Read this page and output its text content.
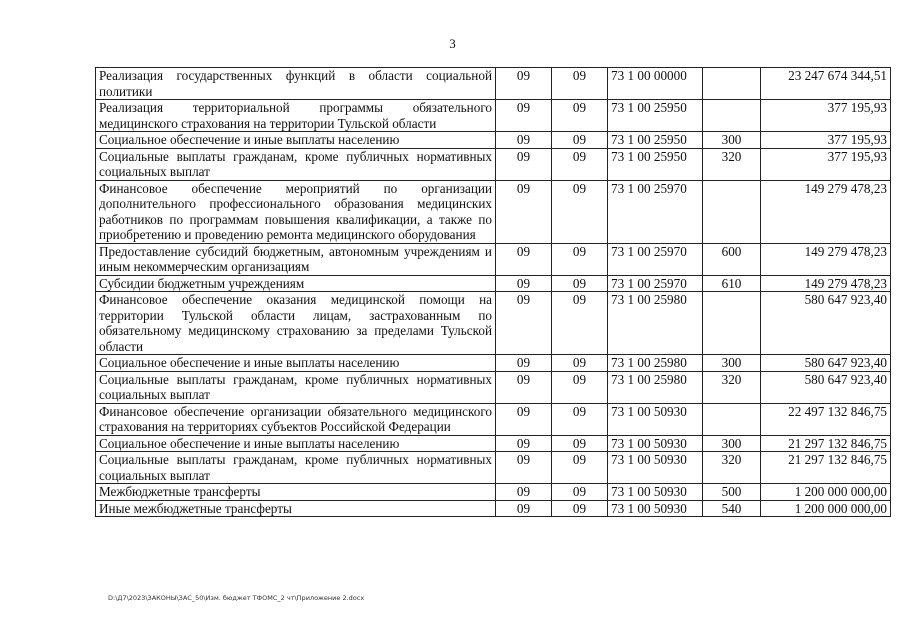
3
Реализация государственных функций в области социальной политики	09	09	73 1 00 00000		23 247 674 344,51
Реализация территориальной программы обязательного медицинского страхования на территории Тульской области	09	09	73 1 00 25950		377 195,93
Социальное обеспечение и иные выплаты населению	09	09	73 1 00 25950	300	377 195,93
Социальные выплаты гражданам, кроме публичных нормативных социальных выплат	09	09	73 1 00 25950	320	377 195,93
Финансовое обеспечение мероприятий по организации дополнительного профессионального образования медицинских работников по программам повышения квалификации, а также по приобретению и проведению ремонта медицинского оборудования	09	09	73 1 00 25970		149 279 478,23
Предоставление субсидий бюджетным, автономным учреждениям и иным некоммерческим организациям	09	09	73 1 00 25970	600	149 279 478,23
Субсидии бюджетным учреждениям	09	09	73 1 00 25970	610	149 279 478,23
Финансовое обеспечение оказания медицинской помощи на территории Тульской области лицам, застрахованным по обязательному медицинскому страхованию за пределами Тульской области	09	09	73 1 00 25980		580 647 923,40
Социальное обеспечение и иные выплаты населению	09	09	73 1 00 25980	300	580 647 923,40
Социальные выплаты гражданам, кроме публичных нормативных социальных выплат	09	09	73 1 00 25980	320	580 647 923,40
Финансовое обеспечение организации обязательного медицинского страхования на территориях субъектов Российской Федерации	09	09	73 1 00 50930		22 497 132 846,75
Социальное обеспечение и иные выплаты населению	09	09	73 1 00 50930	300	21 297 132 846,75
Социальные выплаты гражданам, кроме публичных нормативных социальных выплат	09	09	73 1 00 50930	320	21 297 132 846,75
Межбюджетные трансферты	09	09	73 1 00 50930	500	1 200 000 000,00
Иные межбюджетные трансферты	09	09	73 1 00 50930	540	1 200 000 000,00
D:\Д7\2023\ЗАКОНЫ\ЗАС_50\Изм. бюджет ТФОМС_2 чт\Приложение 2.docx
